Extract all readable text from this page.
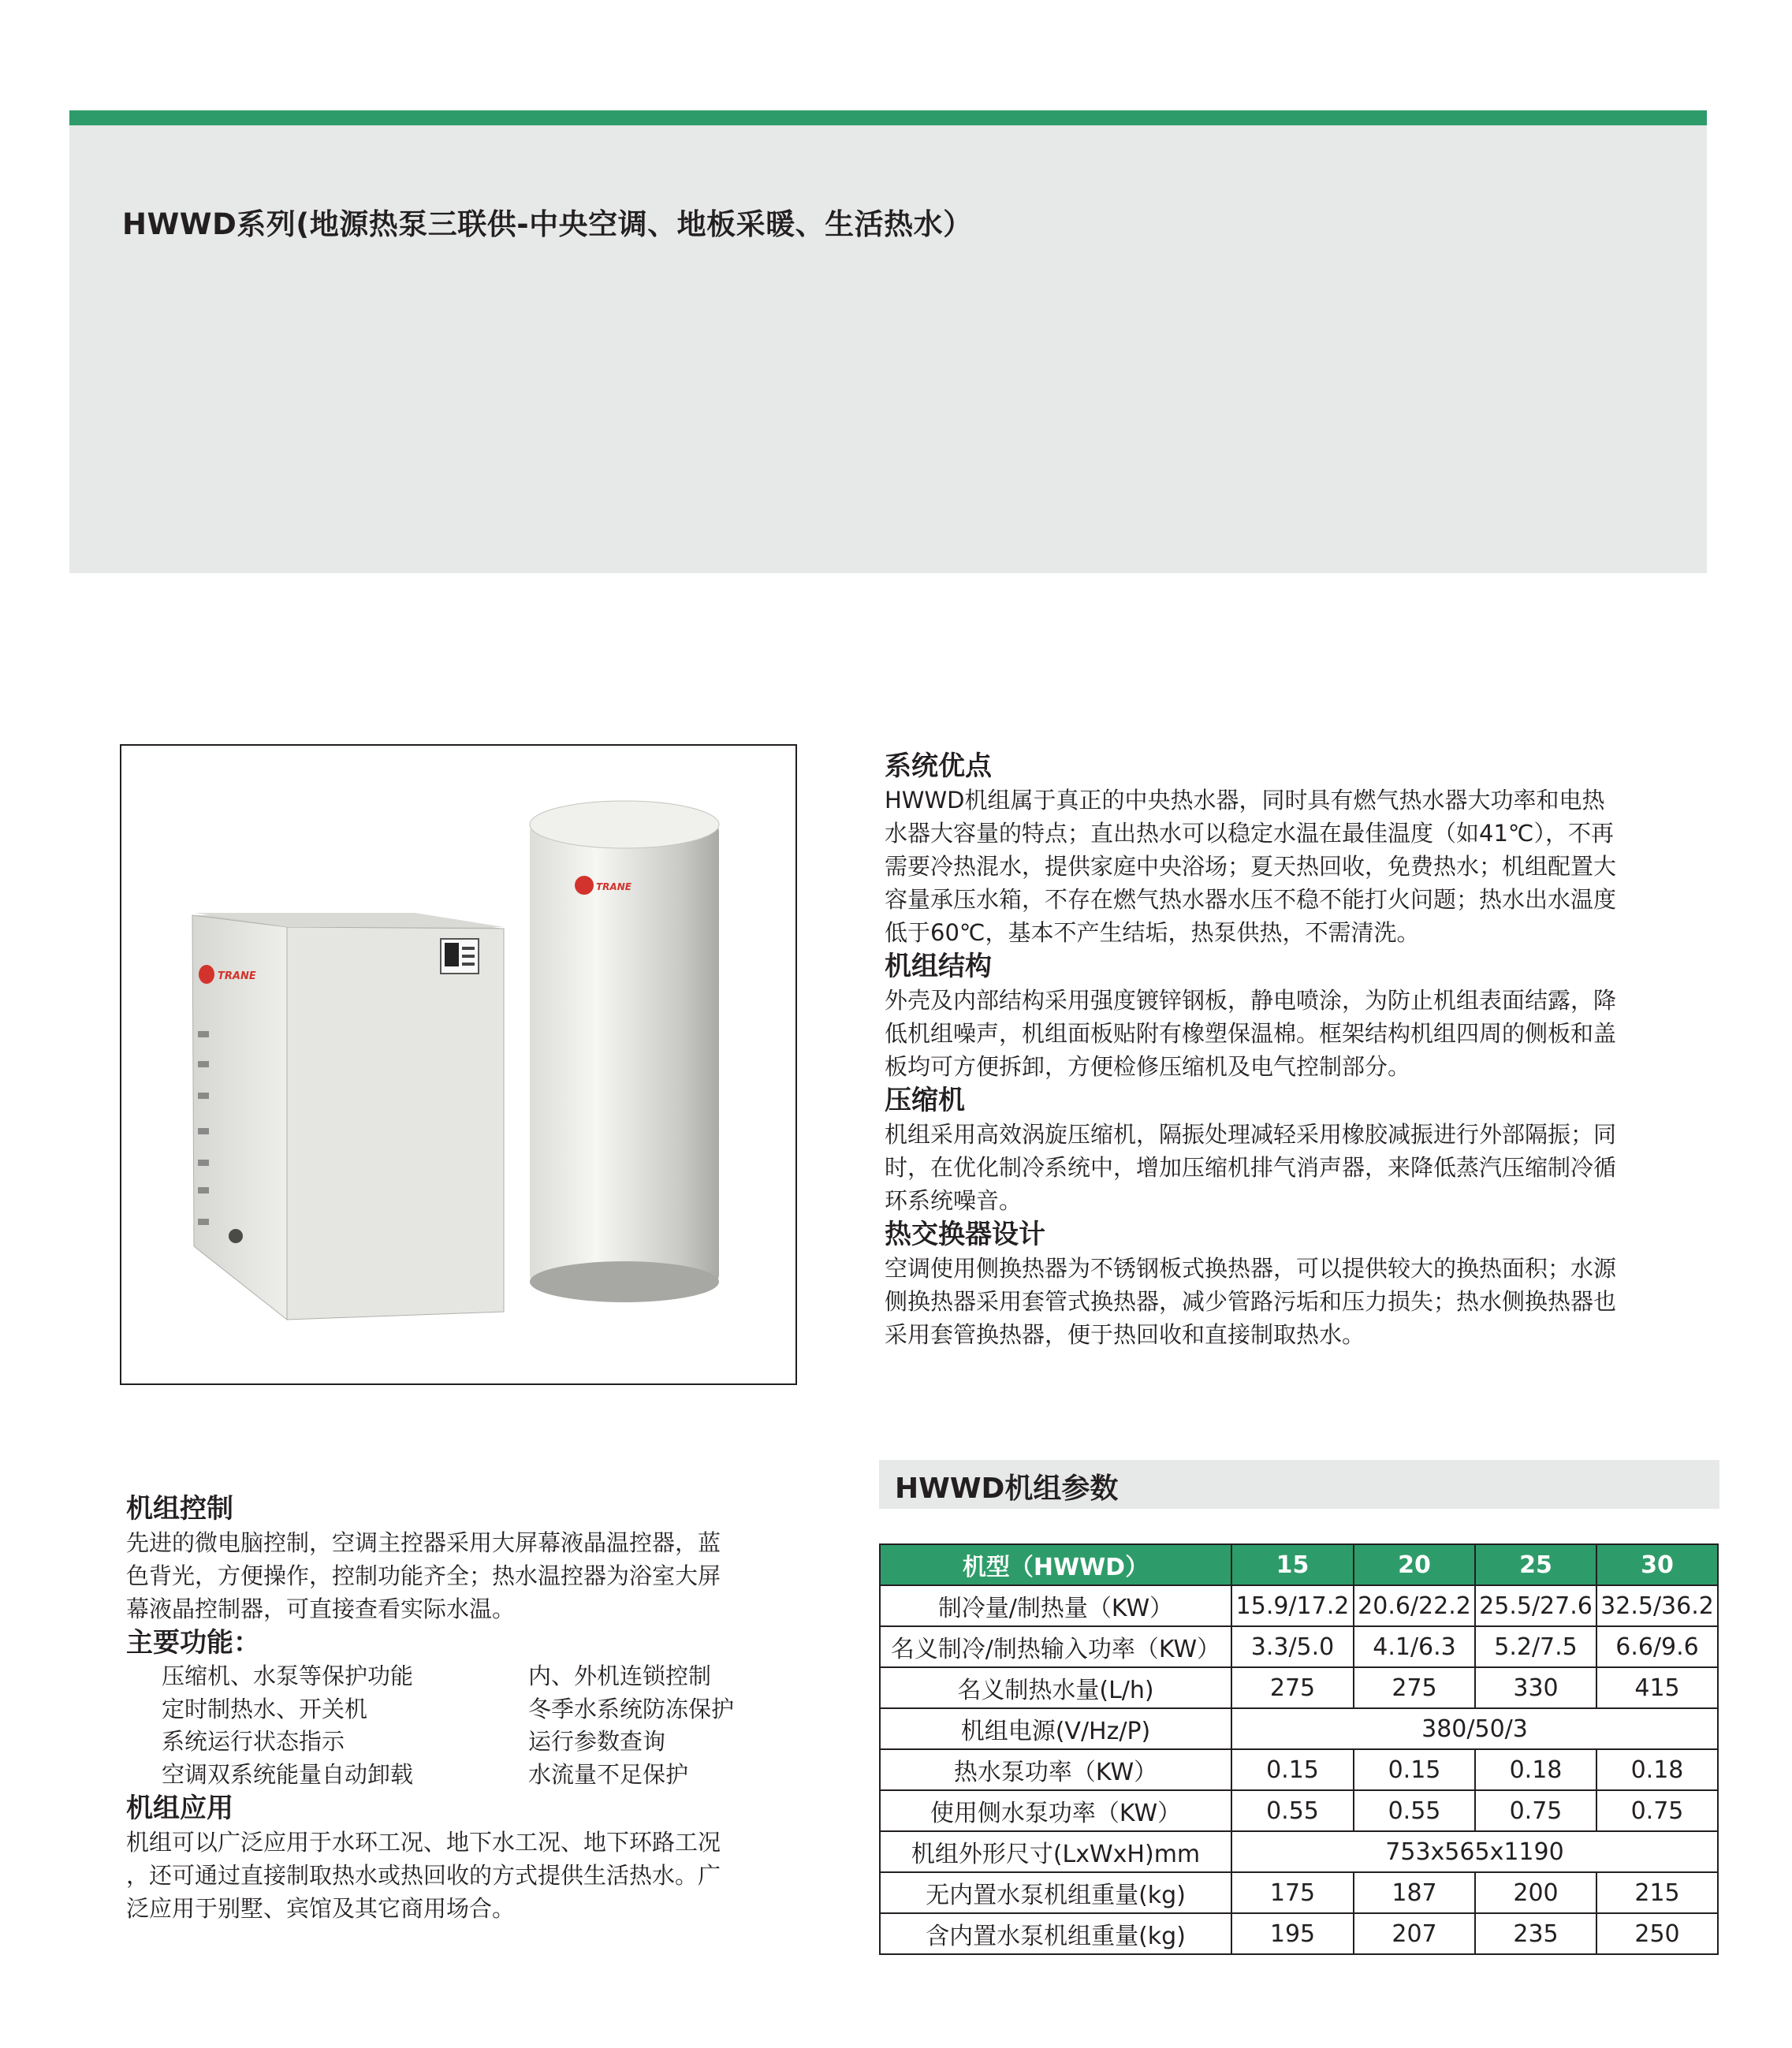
HWWD系列(地源热泵三联供-中央空调、地板采暖、生活热水）
TRANE
TRANE

系统优点

HWWD机组属于真正的中央热水器，同时具有燃气热水器大功率和电热

水器大容量的特点；直出热水可以稳定水温在最佳温度（如41℃），不再

需要冷热混水，提供家庭中央浴场；夏天热回收，免费热水；机组配置大

容量承压水箱，不存在燃气热水器水压不稳不能打火问题；热水出水温度

低于60℃，基本不产生结垢，热泵供热，不需清洗。

机组结构

外壳及内部结构采用强度镀锌钢板，静电喷涂，为防止机组表面结露，降

低机组噪声，机组面板贴附有橡塑保温棉。框架结构机组四周的侧板和盖

板均可方便拆卸，方便检修压缩机及电气控制部分。

压缩机

机组采用高效涡旋压缩机，隔振处理减轻采用橡胶减振进行外部隔振；同

时，在优化制冷系统中，增加压缩机排气消声器，来降低蒸汽压缩制冷循

环系统噪音。

热交换器设计

空调使用侧换热器为不锈钢板式换热器，可以提供较大的换热面积；水源

侧换热器采用套管式换热器，减少管路污垢和压力损失；热水侧换热器也

采用套管换热器，便于热回收和直接制取热水。

机组控制

先进的微电脑控制，空调主控器采用大屏幕液晶温控器，蓝

色背光，方便操作，控制功能齐全；热水温控器为浴室大屏

幕液晶控制器，可直接查看实际水温。

主要功能：

压缩机、水泵等保护功能	内、外机连锁控制
定时制热水、开关机	冬季水系统防冻保护
系统运行状态指示	运行参数查询
空调双系统能量自动卸载	水流量不足保护

机组应用

机组可以广泛应用于水环工况、地下水工况、地下环路工况

，还可通过直接制取热水或热回收的方式提供生活热水。广

泛应用于别墅、宾馆及其它商用场合。

HWWD机组参数
机型（HWWD）	15	20	25	30
制冷量/制热量（KW）	15.9/17.2	20.6/22.2	25.5/27.6	32.5/36.2
名义制冷/制热输入功率（KW）	3.3/5.0	4.1/6.3	5.2/7.5	6.6/9.6
名义制热水量(L/h)	275	275	330	415
机组电源(V/Hz/P)	380/50/3			
热水泵功率（KW）	0.15	0.15	0.18	0.18
使用侧水泵功率（KW）	0.55	0.55	0.75	0.75
机组外形尺寸(LxWxH)mm	753x565x1190			
无内置水泵机组重量(kg)	175	187	200	215
含内置水泵机组重量(kg)	195	207	235	250
